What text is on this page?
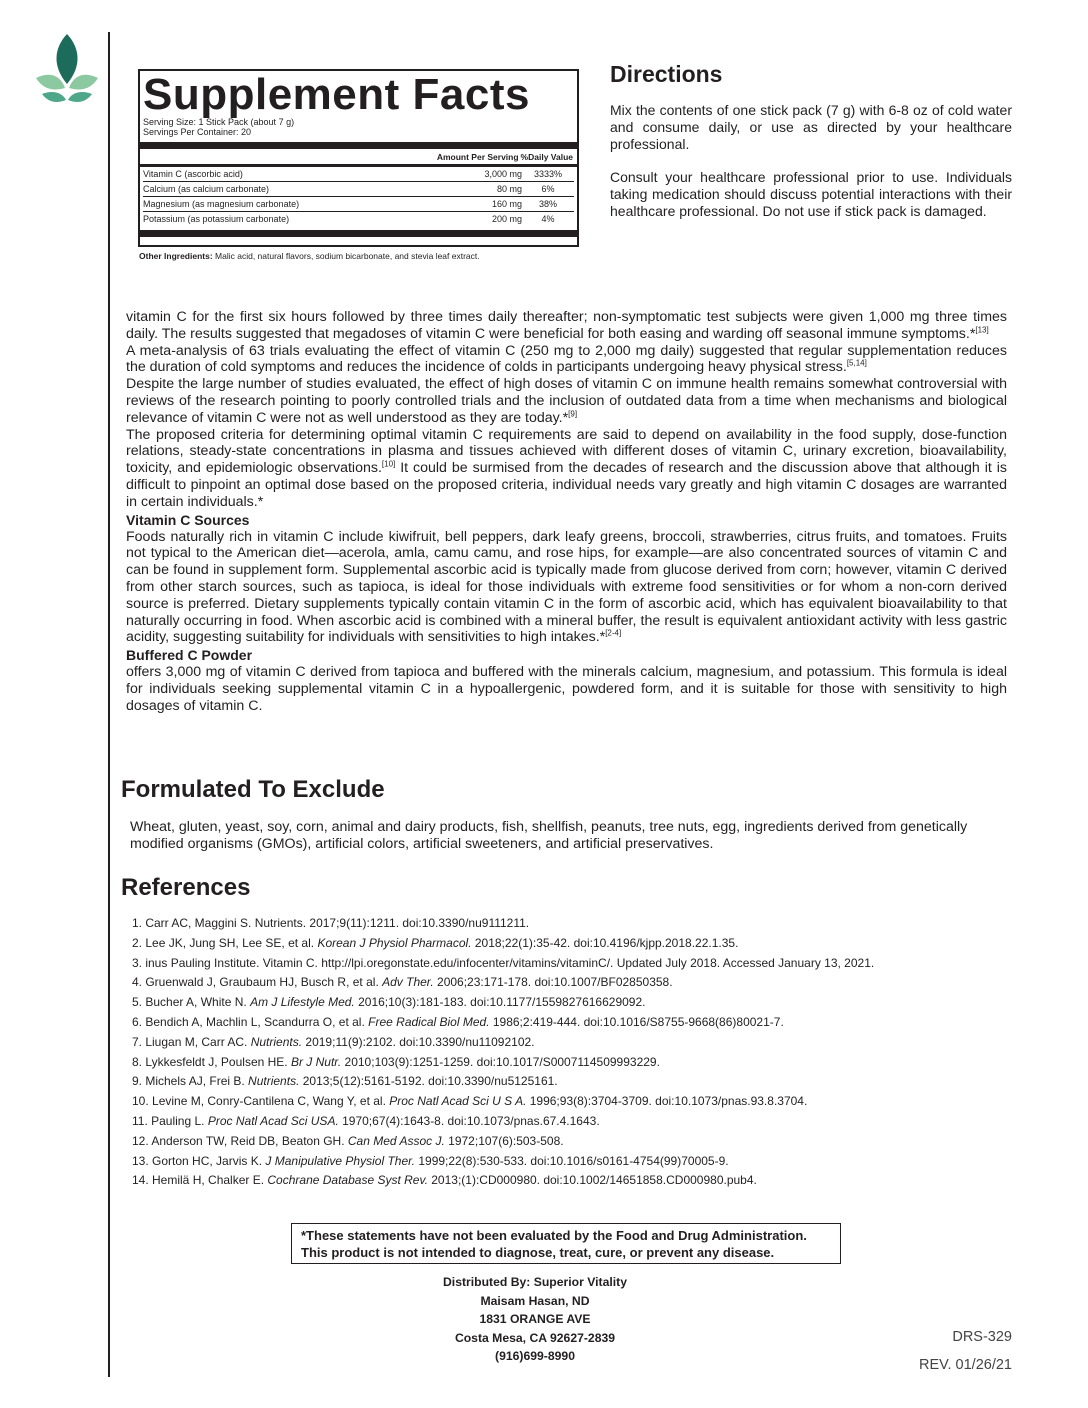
Supplement Facts
Serving Size: 1 Stick Pack (about 7 g)
Servings Per Container: 20
Amount Per Serving %Daily Value
Vitamin C (ascorbic acid)	3,000 mg	3333%
Calcium (as calcium carbonate)	80 mg	6%
Magnesium (as magnesium carbonate)	160 mg	38%
Potassium (as potassium carbonate)	200 mg	4%
Other Ingredients: Malic acid, natural flavors, sodium bicarbonate, and stevia leaf extract.
Directions

Mix the contents of one stick pack (7 g) with 6-8 oz of cold water and consume daily, or use as directed by your healthcare professional.

Consult your healthcare professional prior to use. Individuals taking medication should discuss potential interactions with their healthcare professional. Do not use if stick pack is damaged.

vitamin C for the first six hours followed by three times daily thereafter; non-symptomatic test subjects were given 1,000 mg three times daily. The results suggested that megadoses of vitamin C were beneficial for both easing and warding off seasonal immune symptoms.*[13]

A meta-analysis of 63 trials evaluating the effect of vitamin C (250 mg to 2,000 mg daily) suggested that regular supplementation reduces the duration of cold symptoms and reduces the incidence of colds in participants undergoing heavy physical stress.[5,14]

Despite the large number of studies evaluated, the effect of high doses of vitamin C on immune health remains somewhat controversial with reviews of the research pointing to poorly controlled trials and the inclusion of outdated data from a time when mechanisms and biological relevance of vitamin C were not as well understood as they are today.*[9]

The proposed criteria for determining optimal vitamin C requirements are said to depend on availability in the food supply, dose-function relations, steady-state concentrations in plasma and tissues achieved with different doses of vitamin C, urinary excretion, bioavailability, toxicity, and epidemiologic observations.[10] It could be surmised from the decades of research and the discussion above that although it is difficult to pinpoint an optimal dose based on the proposed criteria, individual needs vary greatly and high vitamin C dosages are warranted in certain individuals.*

Vitamin C Sources

Foods naturally rich in vitamin C include kiwifruit, bell peppers, dark leafy greens, broccoli, strawberries, citrus fruits, and tomatoes. Fruits not typical to the American diet—acerola, amla, camu camu, and rose hips, for example—are also concentrated sources of vitamin C and can be found in supplement form. Supplemental ascorbic acid is typically made from glucose derived from corn; however, vitamin C derived from other starch sources, such as tapioca, is ideal for those individuals with extreme food sensitivities or for whom a non-corn derived source is preferred. Dietary supplements typically contain vitamin C in the form of ascorbic acid, which has equivalent bioavailability to that naturally occurring in food. When ascorbic acid is combined with a mineral buffer, the result is equivalent antioxidant activity with less gastric acidity, suggesting suitability for individuals with sensitivities to high intakes.*[2-4]

Buffered C Powder

offers 3,000 mg of vitamin C derived from tapioca and buffered with the minerals calcium, magnesium, and potassium. This formula is ideal for individuals seeking supplemental vitamin C in a hypoallergenic, powdered form, and it is suitable for those with sensitivity to high dosages of vitamin C.

Formulated To Exclude

Wheat, gluten, yeast, soy, corn, animal and dairy products, fish, shellfish, peanuts, tree nuts, egg, ingredients derived from genetically modified organisms (GMOs), artificial colors, artificial sweeteners, and artificial preservatives.

References
1. Carr AC, Maggini S. Nutrients. 2017;9(11):1211. doi:10.3390/nu9111211.
2. Lee JK, Jung SH, Lee SE, et al. Korean J Physiol Pharmacol. 2018;22(1):35-42. doi:10.4196/kjpp.2018.22.1.35.
3. inus Pauling Institute. Vitamin C. http://lpi.oregonstate.edu/infocenter/vitamins/vitaminC/. Updated July 2018. Accessed January 13, 2021.
4. Gruenwald J, Graubaum HJ, Busch R, et al. Adv Ther. 2006;23:171-178. doi:10.1007/BF02850358.
5. Bucher A, White N. Am J Lifestyle Med. 2016;10(3):181-183. doi:10.1177/1559827616629092.
6. Bendich A, Machlin L, Scandurra O, et al. Free Radical Biol Med. 1986;2:419-444. doi:10.1016/S8755-9668(86)80021-7.
7. Liugan M, Carr AC. Nutrients. 2019;11(9):2102. doi:10.3390/nu11092102.
8. Lykkesfeldt J, Poulsen HE. Br J Nutr. 2010;103(9):1251-1259. doi:10.1017/S0007114509993229.
9. Michels AJ, Frei B. Nutrients. 2013;5(12):5161-5192. doi:10.3390/nu5125161.
10. Levine M, Conry-Cantilena C, Wang Y, et al. Proc Natl Acad Sci U S A. 1996;93(8):3704-3709. doi:10.1073/pnas.93.8.3704.
11. Pauling L. Proc Natl Acad Sci USA. 1970;67(4):1643-8. doi:10.1073/pnas.67.4.1643.
12. Anderson TW, Reid DB, Beaton GH. Can Med Assoc J. 1972;107(6):503-508.
13. Gorton HC, Jarvis K. J Manipulative Physiol Ther. 1999;22(8):530-533. doi:10.1016/s0161-4754(99)70005-9.
14. Hemilä H, Chalker E. Cochrane Database Syst Rev. 2013;(1):CD000980. doi:10.1002/14651858.CD000980.pub4.
*These statements have not been evaluated by the Food and Drug Administration.
This product is not intended to diagnose, treat, cure, or prevent any disease.
Distributed By: Superior Vitality
Maisam Hasan, ND
1831 ORANGE AVE
Costa Mesa, CA 92627-2839
(916)699-8990
DRS-329
REV. 01/26/21
